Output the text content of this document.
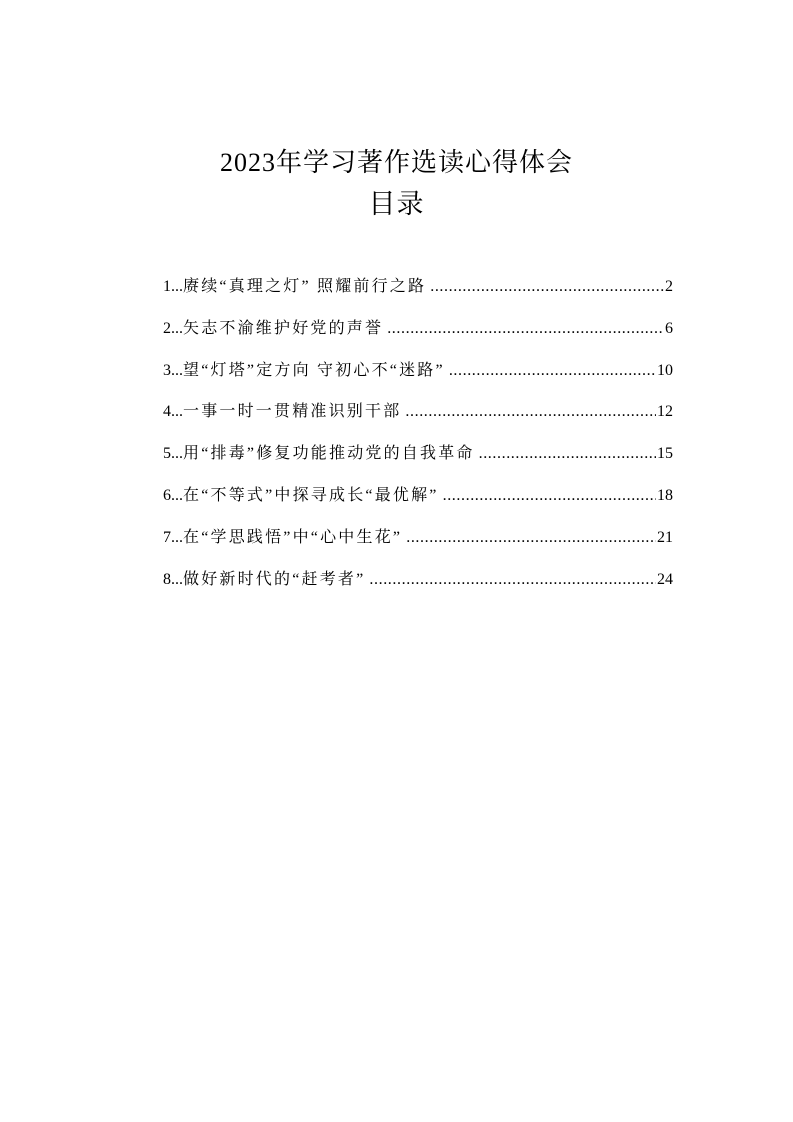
2023年学习著作选读心得体会
目录
1...赓续“真理之灯” 照耀前行之路 .....	2
2...矢志不渝维护好党的声誉 .....	6
3...望“灯塔”定方向 守初心不“迷路” .....	10
4...一事一时一贯精准识别干部 .....	12
5...用“排毒”修复功能推动党的自我革命 .....	15
6...在“不等式”中探寻成长“最优解” .....	18
7...在“学思践悟”中“心中生花” .....	21
8...做好新时代的“赶考者” .....	24
